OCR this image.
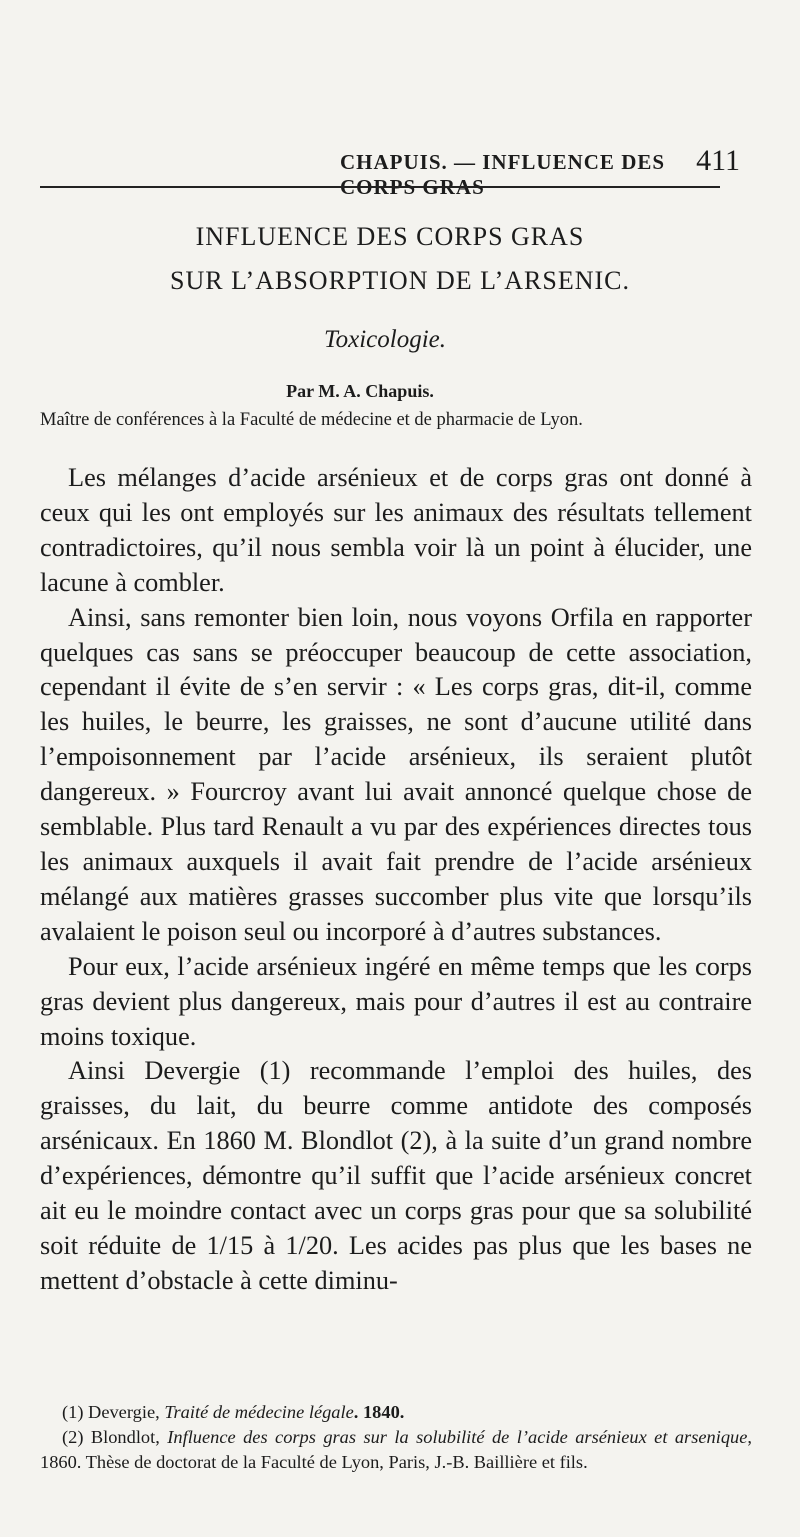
CHAPUIS. — INFLUENCE DES CORPS GRAS
411
INFLUENCE DES CORPS GRAS
SUR L’ABSORPTION DE L’ARSENIC.
Toxicologie.
Par M. A. Chapuis.
Maître de conférences à la Faculté de médecine et de pharmacie de Lyon.

Les mélanges d’acide arsénieux et de corps gras ont donné à ceux qui les ont employés sur les animaux des résultats tellement contradictoires, qu’il nous sembla voir là un point à élucider, une lacune à combler.

Ainsi, sans remonter bien loin, nous voyons Orfila en rapporter quelques cas sans se préoccuper beaucoup de cette association, cependant il évite de s’en servir : « Les corps gras, dit-il, comme les huiles, le beurre, les graisses, ne sont d’aucune utilité dans l’empoisonnement par l’acide arsénieux, ils seraient plutôt dangereux. » Fourcroy avant lui avait annoncé quelque chose de semblable. Plus tard Renault a vu par des expériences directes tous les animaux auxquels il avait fait prendre de l’acide arsénieux mélangé aux matières grasses succomber plus vite que lorsqu’ils avalaient le poison seul ou incorporé à d’autres substances.

Pour eux, l’acide arsénieux ingéré en même temps que les corps gras devient plus dangereux, mais pour d’autres il est au contraire moins toxique.

Ainsi Devergie (1) recommande l’emploi des huiles, des graisses, du lait, du beurre comme antidote des composés arsénicaux. En 1860 M. Blondlot (2), à la suite d’un grand nombre d’expériences, démontre qu’il suffit que l’acide arsénieux concret ait eu le moindre contact avec un corps gras pour que sa solubilité soit réduite de 1/15 à 1/20. Les acides pas plus que les bases ne mettent d’obstacle à cette diminu-

(1) Devergie, Traité de médecine légale. 1840.

(2) Blondlot, Influence des corps gras sur la solubilité de l’acide arsénieux et arsenique, 1860. Thèse de doctorat de la Faculté de Lyon, Paris, J.-B. Baillière et fils.
